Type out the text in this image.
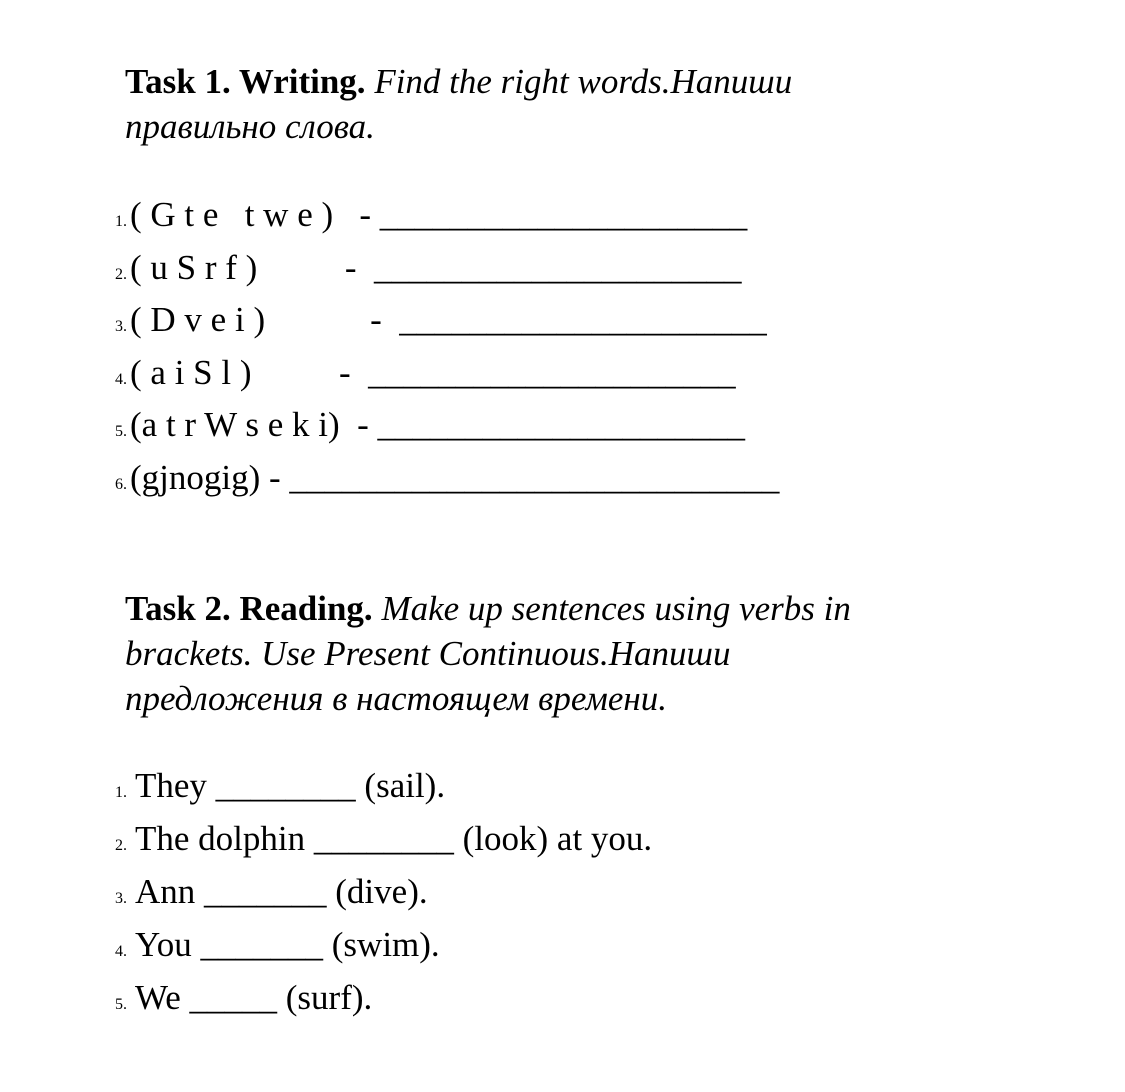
Task 1. Writing. Find the right words.Напиши
правильно слова.
1.( G t e   t w e )   - _____________________
2.( u S r f )          -  _____________________
3.( D v e i )            -  _____________________
4.( a i S l )          -  _____________________
5.(a t r W s e k i)  - _____________________
6.(gjnogig) - ____________________________
Task 2. Reading. Make up sentences using verbs in
brackets. Use Present Continuous.Напиши
предложения в настоящем времени.
1. They ________ (sail).
2. The dolphin ________ (look) at you.
3. Ann _______ (dive).
4. You _______ (swim).
5. We _____ (surf).
